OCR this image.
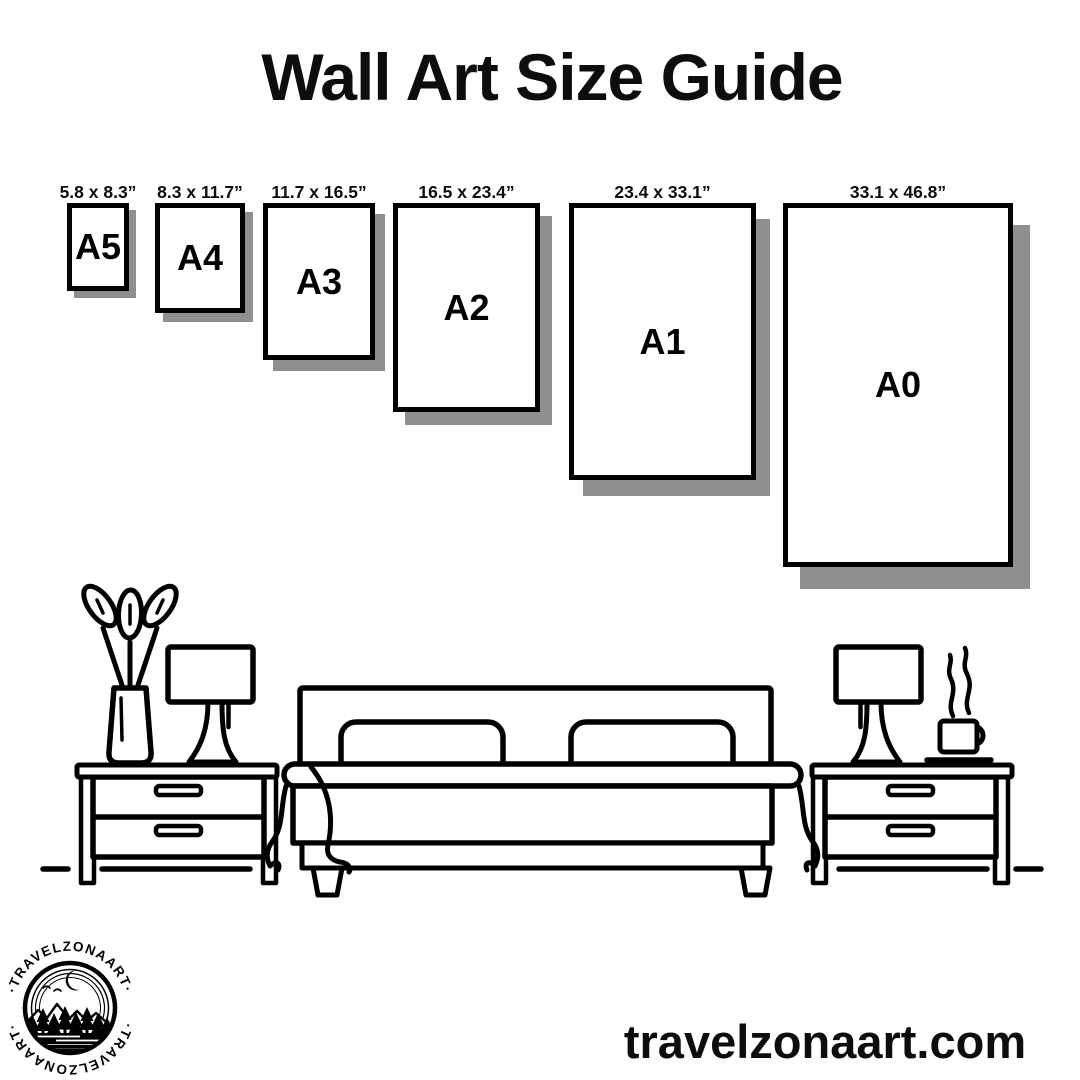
Wall Art Size Guide
5.8 x 8.3”
A5
8.3 x 11.7”
A4
11.7 x 16.5”
A3
16.5 x 23.4”
A2
23.4 x 33.1”
A1
33.1 x 46.8”
A0
·TRAVELZONAART·
·TRAVELZONAART·	travelzonaart.com
